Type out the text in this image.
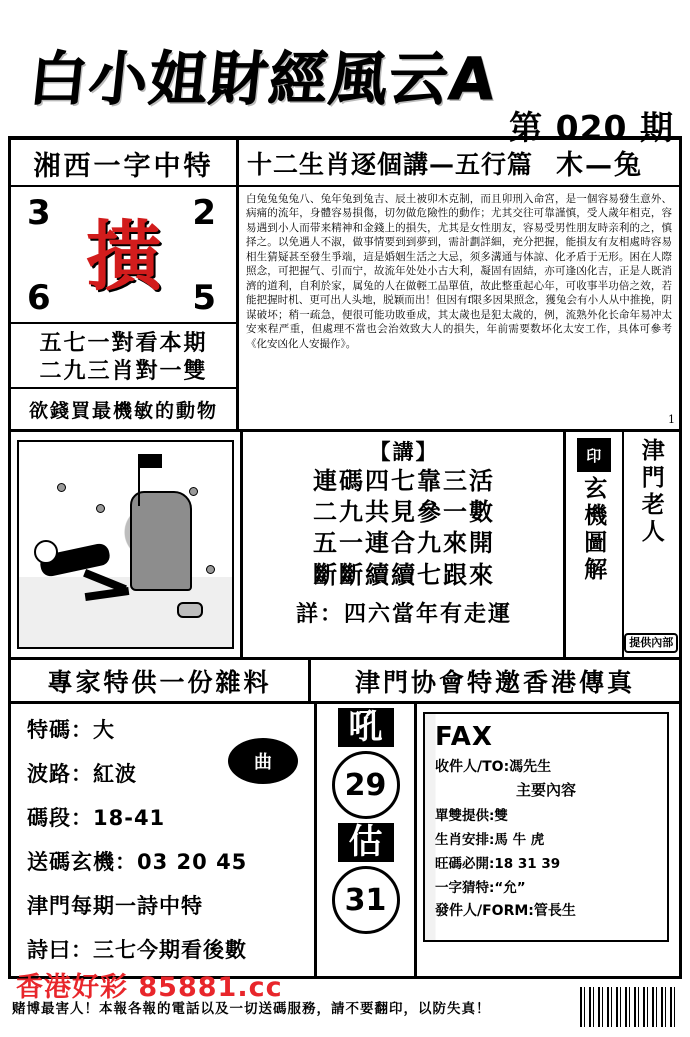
白小姐財經風云A
第 020 期
湘西一字中特
3	2
6	5
撗
五七一對看本期
二九三肖對一雙
欲錢買最機敏的動物
十二生肖逐個講—五行篇 木—兔
白兔兔兔兔八、兔年兔到兔吉、辰土被卯木克制，而且卯刑入命宮，是一個容易發生意外、病痛的流年，身體容易損傷，切勿做危險性的動作；尤其交往可靠謹慎，受人歲年相克，容易遇到小人而带来精神和金錢上的損失，尤其是女性朋友，容易受男性朋友時亲利的之，慎择之。以免遇人不淑，做事情要到到夢到，需計劃詳細，充分把握，能損友有友相處時容易相生猜疑甚至發生爭端，這是婚姻生活之大忌，须多溝通与体諒、化矛盾于无形。困在人際照念，可把握气、引而宁，故流年处处小古大利，凝固有固結，亦可逢凶化吉，正是人既消濟的道利，自利於家，属兔的人在做輕工品單值，故此整重起心年，可收事半功倍之效，若能把握时机、更可出人头地，脱颖而出！但因有f限多因果照念，獲兔会有小人从中推挽，阴谋破坏；稍一疏急，便很可能功敗垂成，其太歲也是犯太歲的，例，流熟外化长命年易冲太安來程严重，但處理不當也会治效致大人的損失，年前需要数坏化太安工作，具体可參考《化安凶化人安撮作》。
1
【講】
連碼四七靠三活
二九共見參一數
五一連合九來開
斷斷續續七跟來
詳：四六當年有走運
印
玄機圖解 津門老人
提供內部
專家特供一份雜料	津門协會特邀香港傳真
特碼：大
波路：紅波
碼段：18-41
送碼玄機：03 20 45
津門每期一詩中特
詩曰：三七今期看後數
曲
吼
29
估
31
FAX
收件人/TO:馮先生
主要內容
單雙提供:雙
生肖安排:馬 牛 虎
旺碼必開:18 31 39
一字猜特:“允”
發件人/FORM:管長生
香港好彩 85881.cc
赌博最害人！本報各報的電話以及一切送碼服務，請不要翻印，以防失真！
